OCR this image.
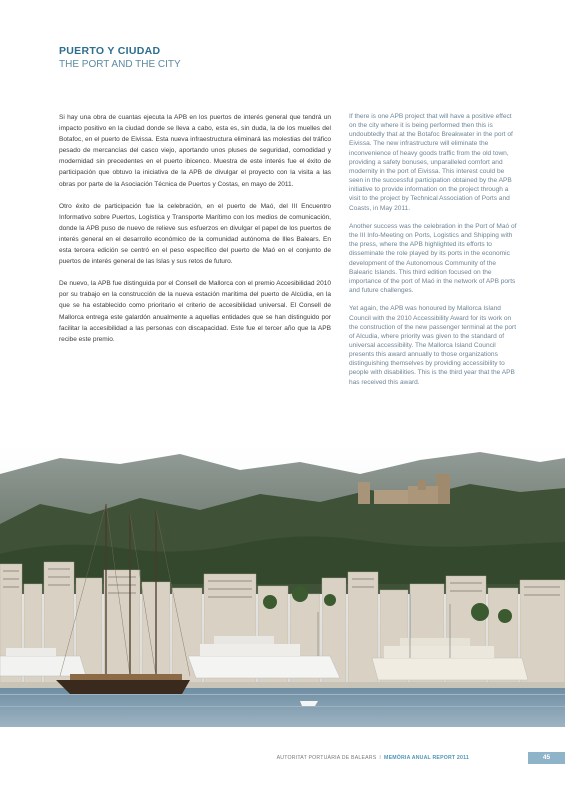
PUERTO Y CIUDAD
THE PORT AND THE CITY

Si hay una obra de cuantas ejecuta la APB en los puertos de interés general que tendrá un impacto positivo en la ciudad donde se lleva a cabo, esta es, sin duda, la de los muelles del Botafoc, en el puerto de Eivissa. Esta nueva infraestructura eliminará las molestias del tráfico pesado de mercancías del casco viejo, aportando unos pluses de seguridad, comodidad y modernidad sin precedentes en el puerto ibicenco. Muestra de este interés fue el éxito de participación que obtuvo la iniciativa de la APB de divulgar el proyecto con la visita a las obras por parte de la Asociación Técnica de Puertos y Costas, en mayo de 2011.

Otro éxito de participación fue la celebración, en el puerto de Maó, del III Encuentro Informativo sobre Puertos, Logística y Transporte Marítimo con los medios de comunicación, donde la APB puso de nuevo de relieve sus esfuerzos en divulgar el papel de los puertos de interés general en el desarrollo económico de la comunidad autónoma de Illes Balears. En esta tercera edición se centró en el peso específico del puerto de Maó en el conjunto de puertos de interés general de las Islas y sus retos de futuro.

De nuevo, la APB fue distinguida por el Consell de Mallorca con el premio Accesibilidad 2010 por su trabajo en la construcción de la nueva estación marítima del puerto de Alcúdia, en la que se ha establecido como prioritario el criterio de accesibilidad universal. El Consell de Mallorca entrega este galardón anualmente a aquellas entidades que se han distinguido por facilitar la accesibilidad a las personas con discapacidad. Este fue el tercer año que la APB recibe este premio.

If there is one APB project that will have a positive effect on the city where it is being performed then this is undoubtedly that at the Botafoc Breakwater in the port of Eivissa. The new infrastructure will eliminate the inconvenience of heavy goods traffic from the old town, providing a safety bonuses, unparalleled comfort and modernity in the port of Eivissa. This interest could be seen in the successful participation obtained by the APB initiative to provide information on the project through a visit to the project by Technical Association of Ports and Coasts, in May 2011.

Another success was the celebration in the Port of Maó of the III Info-Meeting on Ports, Logistics and Shipping with the press, where the APB highlighted its efforts to disseminate the role played by its ports in the economic development of the Autonomous Community of the Balearic Islands. This third edition focused on the importance of the port of Maó in the network of APB ports and future challenges.

Yet again, the APB was honoured by Mallorca Island Council with the 2010 Accessibility Award for its work on the construction of the new passenger terminal at the port of Alcudia, where priority was given to the standard of universal accessibility. The Mallorca Island Council presents this award annually to those organizations distinguishing themselves by providing accessibility to people with disabilities. This is the third year that the APB has received this award.

AUTORITAT PORTUÀRIA DE BALEARS I MEMÒRIA ANUAL REPORT 2011	45
